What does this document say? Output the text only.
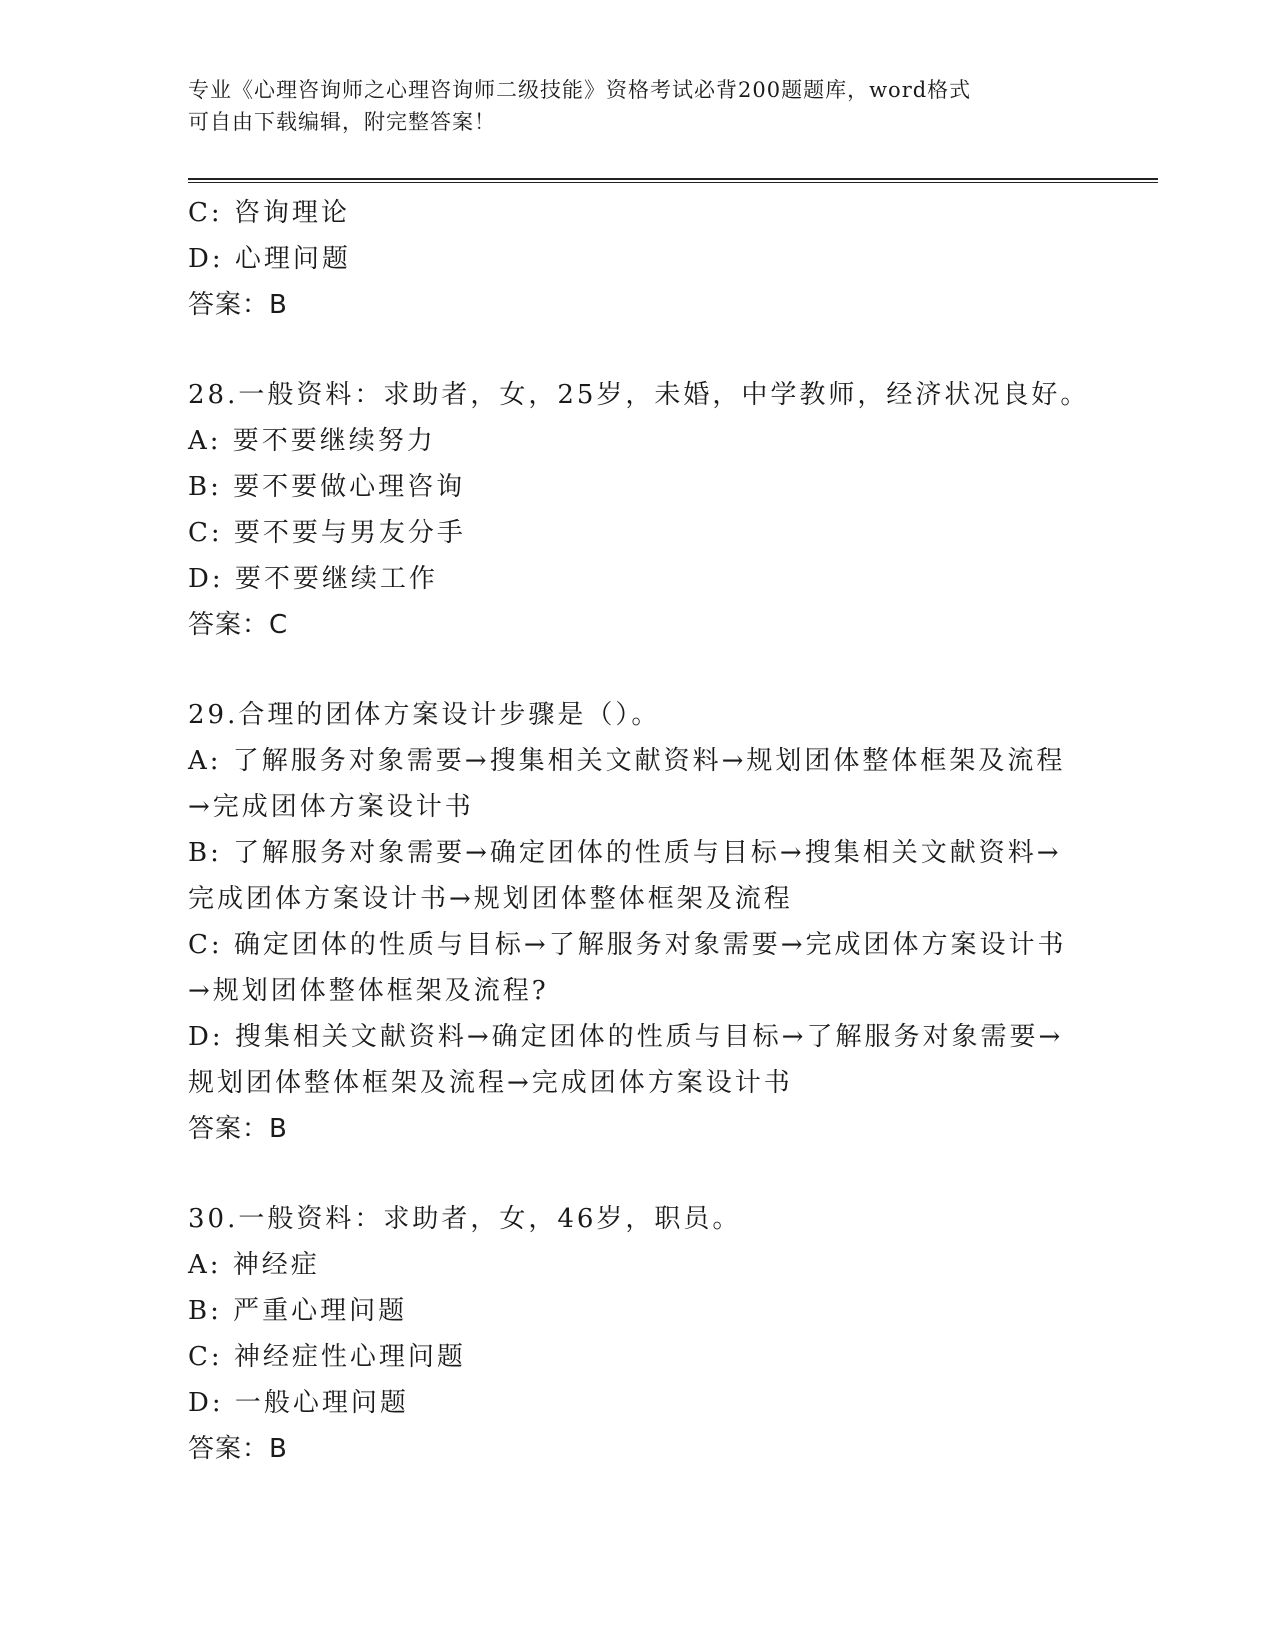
专业《心理咨询师之心理咨询师二级技能》资格考试必背200题题库，word格式
可自由下载编辑，附完整答案！
C: 咨询理论
D: 心理问题
答案：B
28.一般资料：求助者，女，25岁，未婚，中学教师，经济状况良好。
A: 要不要继续努力
B: 要不要做心理咨询
C: 要不要与男友分手
D: 要不要继续工作
答案：C
29.合理的团体方案设计步骤是（）。
A: 了解服务对象需要→搜集相关文献资料→规划团体整体框架及流程
→完成团体方案设计书
B: 了解服务对象需要→确定团体的性质与目标→搜集相关文献资料→
完成团体方案设计书→规划团体整体框架及流程
C: 确定团体的性质与目标→了解服务对象需要→完成团体方案设计书
→规划团体整体框架及流程?
D: 搜集相关文献资料→确定团体的性质与目标→了解服务对象需要→
规划团体整体框架及流程→完成团体方案设计书
答案：B
30.一般资料：求助者，女，46岁，职员。
A: 神经症
B: 严重心理问题
C: 神经症性心理问题
D: 一般心理问题
答案：B
